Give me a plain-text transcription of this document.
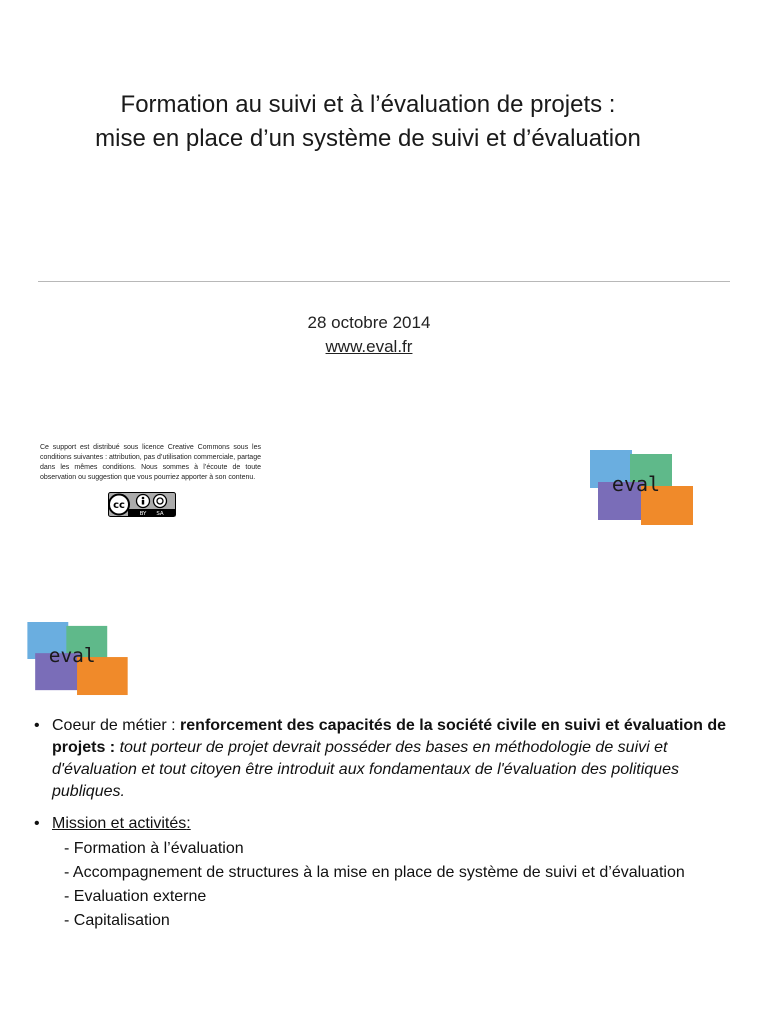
Formation au suivi et à l’évaluation de projets :
mise en place d’un système de suivi et d’évaluation
28 octobre 2014
www.eval.fr
Ce support est distribué sous licence Creative Commons sous les conditions suivantes : attribution, pas d’utilisation commerciale, partage dans les mêmes conditions. Nous sommes à l’écoute de toute observation ou suggestion que vous pourriez apporter à son contenu.
cc
BY SA
eval
eval
• Coeur de métier : renforcement des capacités de la société civile en suivi et évaluation de projets : tout porteur de projet devrait posséder des bases en méthodologie de suivi et d'évaluation et tout citoyen être introduit aux fondamentaux de l'évaluation des politiques publiques.
• Mission et activités:
- Formation à l’évaluation
- Accompagnement de structures à la mise en place de système de suivi et d’évaluation
- Evaluation externe
- Capitalisation
